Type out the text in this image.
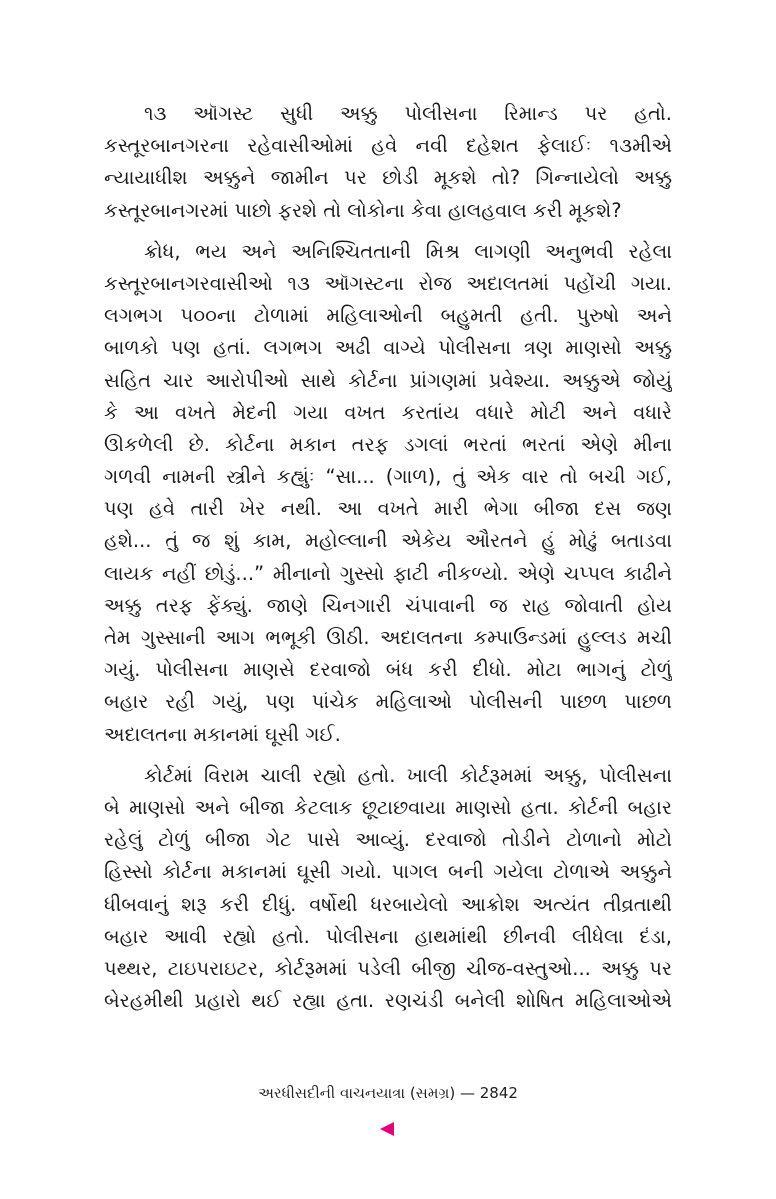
૧૩ ઑગસ્ટ સુધી અક્કુ પોલીસના રિમાન્ડ પર હતો.
કસ્તૂરબાનગરના રહેવાસીઓમાં હવે નવી દહેશત ફેલાઈઃ ૧૩મીએ
ન્યાયાધીશ અક્કુને જામીન પર છોડી મૂકશે તો? ગિન્નાયેલો અક્કુ
કસ્તૂરબાનગરમાં પાછો ફરશે તો લોકોના કેવા હાલહવાલ કરી મૂકશે?
ક્રોધ, ભય અને અનિશ્ચિતતાની મિશ્ર લાગણી અનુભવી રહેલા
કસ્તૂરબાનગરવાસીઓ ૧૩ ઑગસ્ટના રોજ અદાલતમાં પહોંચી ગયા.
લગભગ ૫૦૦ના ટોળામાં મહિલાઓની બહુમતી હતી. પુરુષો અને
બાળકો પણ હતાં. લગભગ અઢી વાગ્યે પોલીસના ત્રણ માણસો અક્કુ
સહિત ચાર આરોપીઓ સાથે કોર્ટના પ્રાંગણમાં પ્રવેશ્યા. અક્કુએ જોયું
કે આ વખતે મેદની ગયા વખત કરતાંય વધારે મોટી અને વધારે
ઊકળેલી છે. કોર્ટના મકાન તરફ ડગલાં ભરતાં ભરતાં એણે મીના
ગળવી નામની સ્ત્રીને કહ્યુંઃ “સા... (ગાળ), તું એક વાર તો બચી ગઈ,
પણ હવે તારી ખેર નથી. આ વખતે મારી ભેગા બીજા દસ જણ
હશે... તું જ શું કામ, મહોલ્લાની એકેય ઔરતને હું મોઢું બતાડવા
લાયક નહીં છોડું...” મીનાનો ગુસ્સો ફાટી નીકળ્યો. એણે ચપ્પલ કાઢીને
અક્કુ તરફ ફેંક્યું. જાણે ચિનગારી ચંપાવાની જ રાહ જોવાતી હોય
તેમ ગુસ્સાની આગ ભભૂકી ઊઠી. અદાલતના કમ્પાઉન્ડમાં હુલ્લડ મચી
ગયું. પોલીસના માણસે દરવાજો બંધ કરી દીધો. મોટા ભાગનું ટોળું
બહાર રહી ગયું, પણ પાંચેક મહિલાઓ પોલીસની પાછળ પાછળ
અદાલતના મકાનમાં ઘૂસી ગઈ.
કોર્ટમાં વિરામ ચાલી રહ્યો હતો. ખાલી કોર્ટરૂમમાં અક્કુ, પોલીસના
બે માણસો અને બીજા કેટલાક છૂટાછવાયા માણસો હતા. કોર્ટની બહાર
રહેલું ટોળું બીજા ગેટ પાસે આવ્યું. દરવાજો તોડીને ટોળાનો મોટો
હિસ્સો કોર્ટના મકાનમાં ઘૂસી ગયો. પાગલ બની ગયેલા ટોળાએ અક્કુને
ધીબવાનું શરૂ કરી દીધું. વર્ષોથી ધરબાયેલો આક્રોશ અત્યંત તીવ્રતાથી
બહાર આવી રહ્યો હતો. પોલીસના હાથમાંથી છીનવી લીધેલા દંડા,
પથ્થર, ટાઇપરાઇટર, કોર્ટરૂમમાં પડેલી બીજી ચીજ-વસ્તુઓ... અક્કુ પર
બેરહમીથી પ્રહારો થઈ રહ્યા હતા. રણચંડી બનેલી શોષિત મહિલાઓએ
અરધીસદીની વાચનયાત્રા (સમગ્ર) — 2842
